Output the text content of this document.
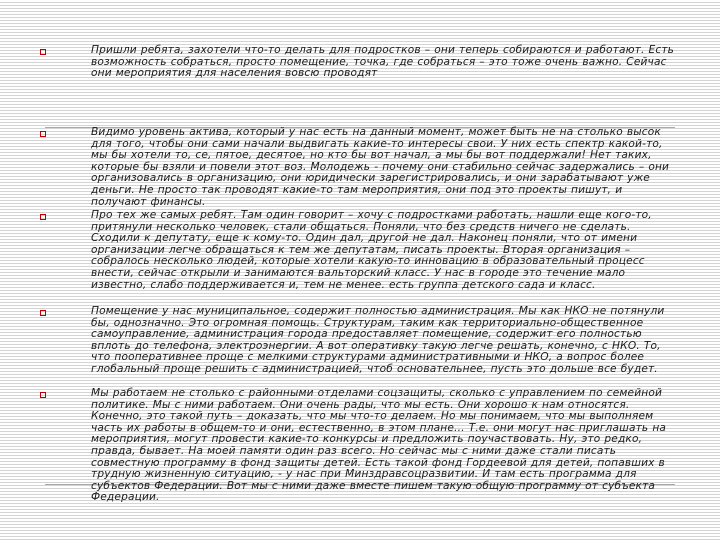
Пришли ребята, захотели что-то делать для подростков – они теперь собираются и работают. Есть возможность собраться, просто помещение, точка, где собраться – это тоже очень важно. Сейчас они мероприятия для населения вовсю проводят

Видимо уровень актива, который у нас есть на данный момент, может быть не на столько высок для того, чтобы они сами начали выдвигать какие-то интересы свои. У них есть спектр какой-то, мы бы хотели то, се, пятое, десятое, но кто бы вот начал, а мы бы вот поддержали! Нет таких, которые бы взяли и повели этот воз. Молодежь - почему они стабильно сейчас задержались – они организовались в организацию, они юридически зарегистрировались, и они зарабатывают уже деньги. Не просто так проводят какие-то там мероприятия, они под это проекты пишут, и получают финансы.

Про тех же самых ребят. Там один говорит – хочу с подростками работать, нашли еще кого-то, притянули несколько человек, стали общаться. Поняли, что без средств ничего не сделать. Сходили к депутату, еще к кому-то. Один дал, другой не дал. Наконец поняли, что от имени организации легче обращаться к тем же депутатам, писать проекты. Вторая организация – собралось несколько людей, которые хотели какую-то инновацию в образовательный процесс внести, сейчас открыли и занимаются вальторский класс. У нас в городе это течение мало известно, слабо поддерживается и, тем не менее. есть группа детского сада и класс.

Помещение у нас муниципальное, содержит полностью администрация. Мы как НКО не потянули бы, однозначно. Это огромная помощь. Структурам, таким как территориально-общественное самоуправление, администрация города предоставляет помещение, содержит его полностью вплоть до телефона, электроэнергии. А вот оперативку такую легче решать, конечно, с НКО. То, что пооперативнее проще с мелкими структурами административными и НКО, а вопрос более глобальный проще решить с администрацией, чтоб основательнее, пусть это дольше все будет.

Мы работаем не столько с районными отделами соцзащиты, сколько с управлением по семейной политике. Мы с ними работаем. Они очень рады, что мы есть. Они хорошо к нам относятся. Конечно, это такой путь – доказать, что мы что-то делаем. Но мы понимаем, что мы выполняем часть их работы в общем-то и они, естественно, в этом плане… Т.е. они могут нас приглашать на мероприятия, могут провести какие-то конкурсы и предложить поучаствовать. Ну, это редко, правда, бывает. На моей памяти один раз всего. Но сейчас мы с ними даже стали писать совместную программу в фонд защиты детей. Есть такой фонд Гордеевой для детей, попавших в трудную жизненную ситуацию, - у нас при Минздравсоцразвитии. И там есть программа для субъектов Федерации. Вот мы с ними даже вместе пишем такую общую программу от субъекта Федерации.
